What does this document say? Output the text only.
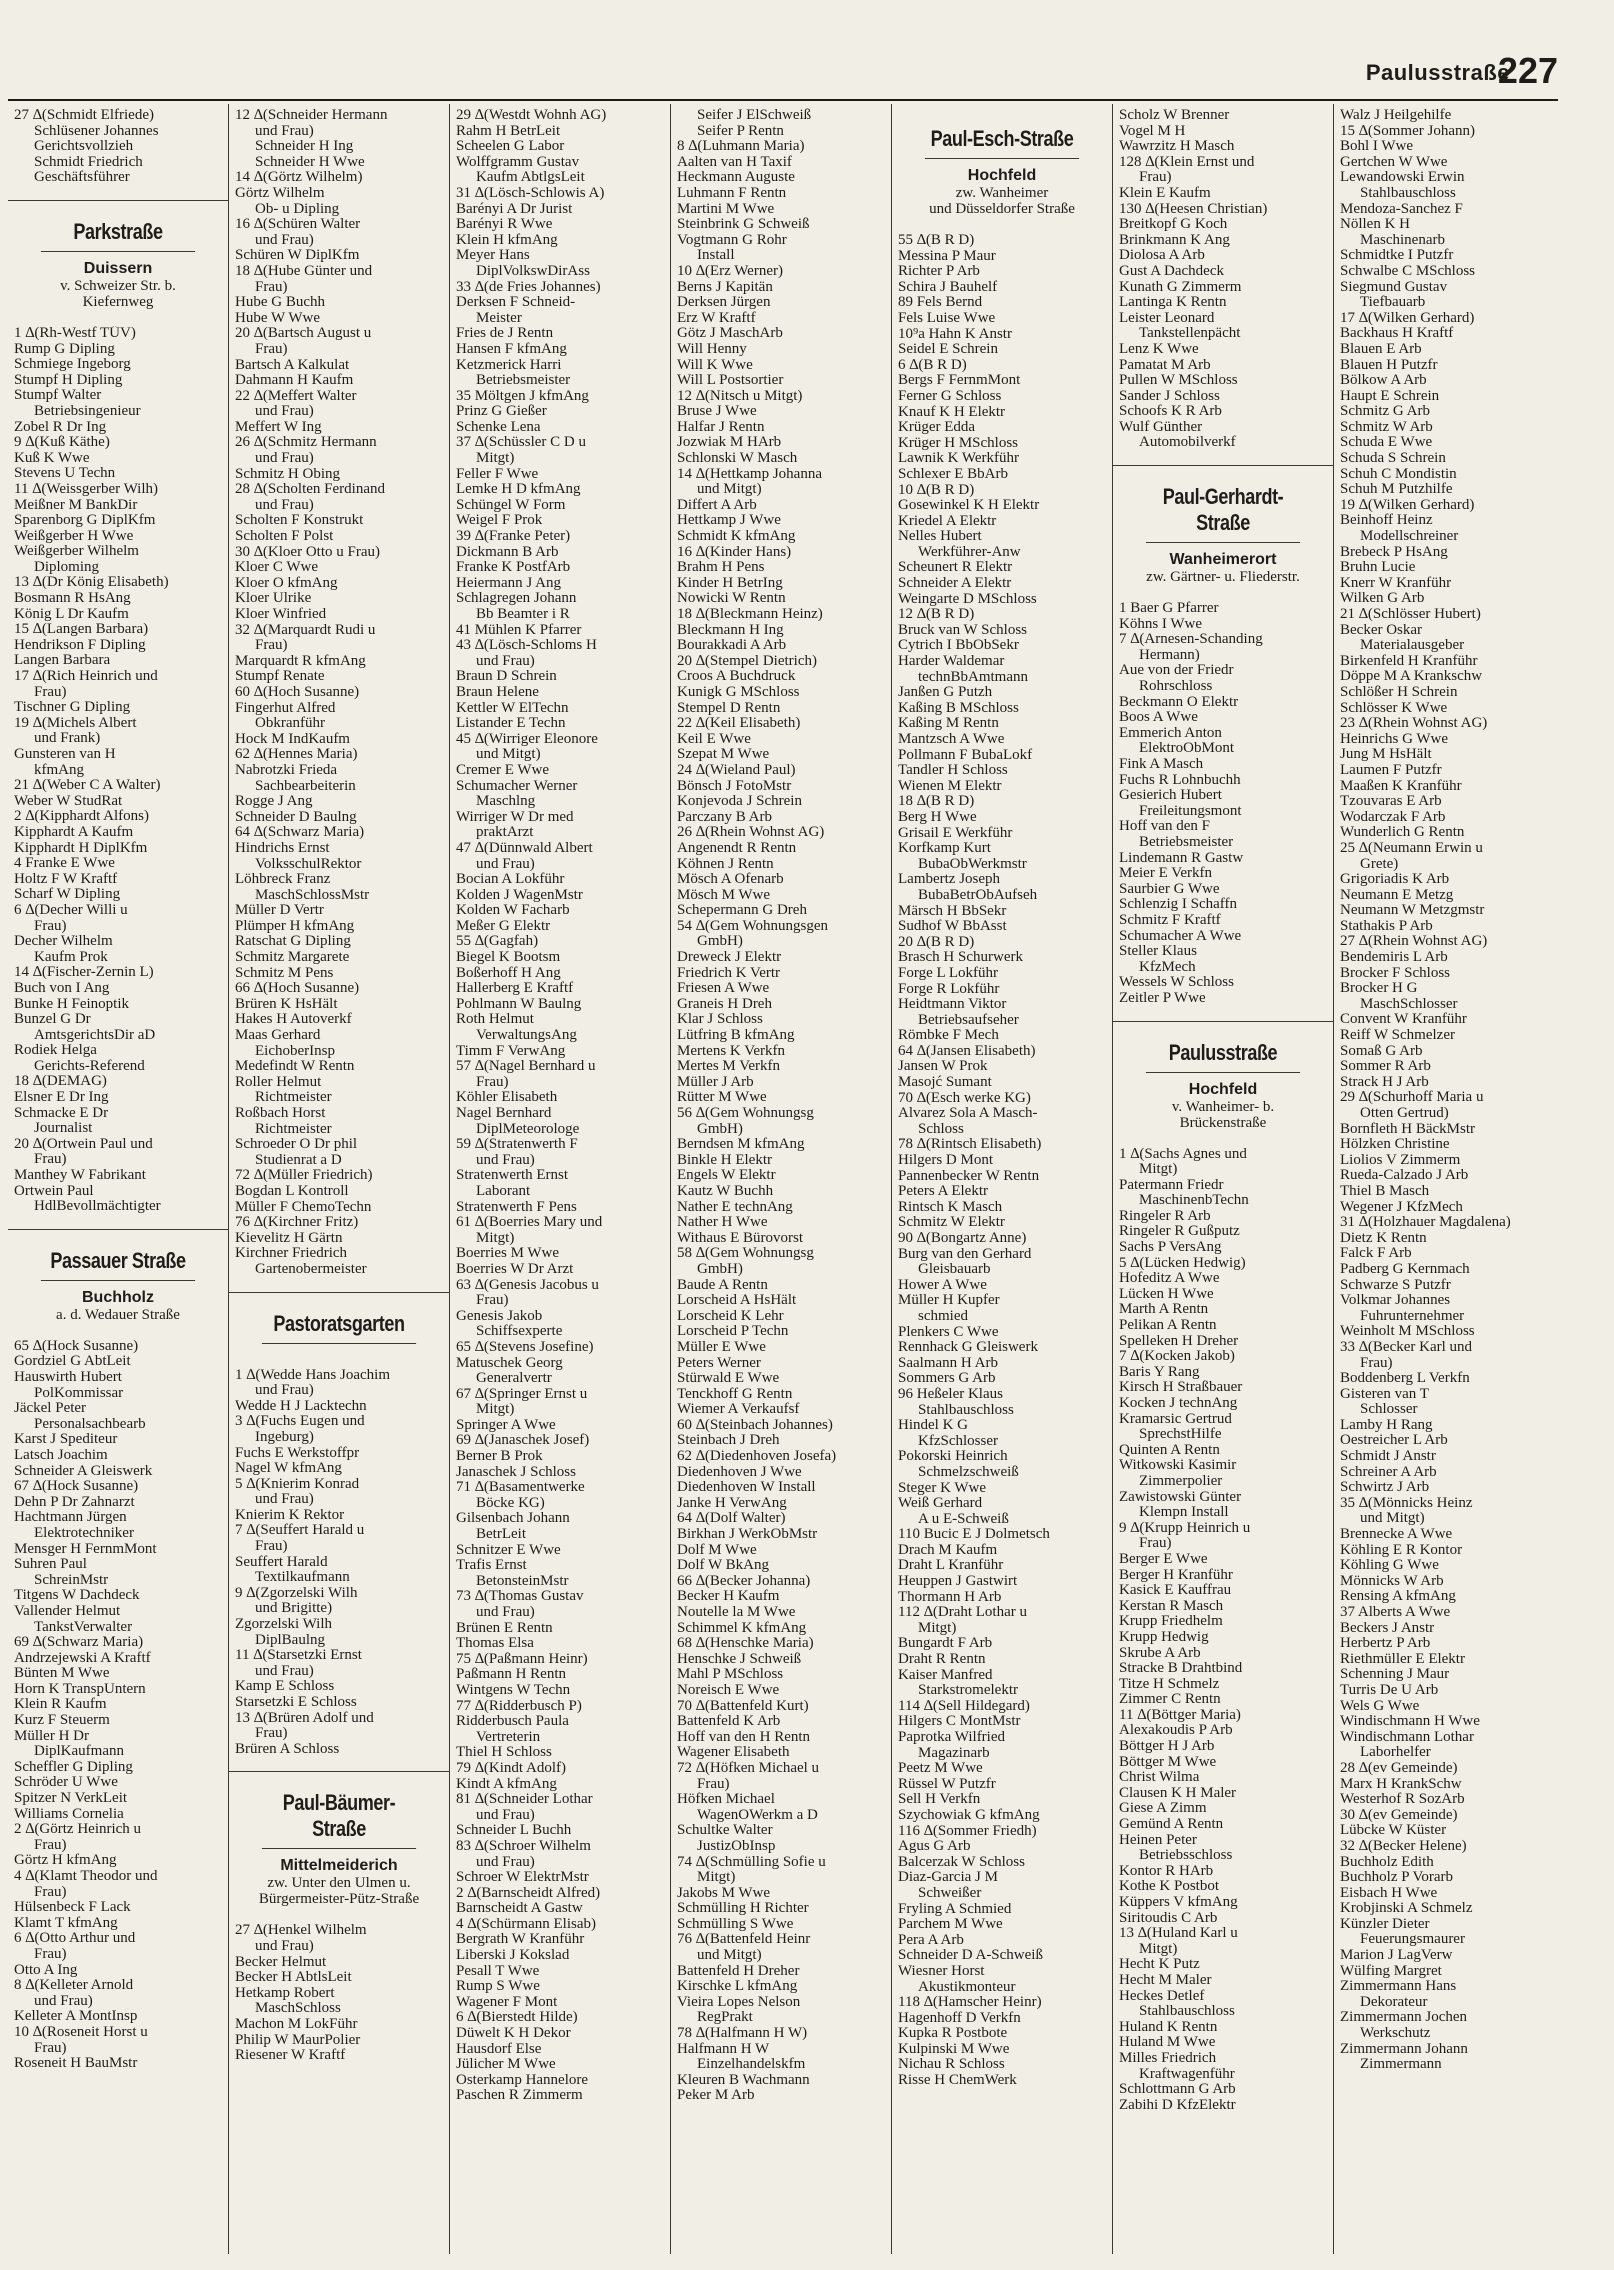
Paulusstraße
227
27 ∆(Schmidt Elfriede)
Schlüsener Johannes
Gerichtsvollzieh
Schmidt Friedrich
Geschäftsführer
Parkstraße
Duissern
v. Schweizer Str. b.
Kiefernweg
1 ∆(Rh-Westf TÜV)
Rump G Dipling
Schmiege Ingeborg
Stumpf H Dipling
Stumpf Walter
Betriebsingenieur
Zobel R Dr Ing
9 ∆(Kuß Käthe)
Kuß K Wwe
Stevens U Techn
11 ∆(Weissgerber Wilh)
Meißner M BankDir
Sparenborg G DiplKfm
Weißgerber H Wwe
Weißgerber Wilhelm
Diploming
13 ∆(Dr König Elisabeth)
Bosmann R HsAng
König L Dr Kaufm
15 ∆(Langen Barbara)
Hendrikson F Dipling
Langen Barbara
17 ∆(Rich Heinrich und
Frau)
Tischner G Dipling
19 ∆(Michels Albert
und Frank)
Gunsteren van H
kfmAng
21 ∆(Weber C A Walter)
Weber W StudRat
2 ∆(Kipphardt Alfons)
Kipphardt A Kaufm
Kipphardt H DiplKfm
4 Franke E Wwe
Holtz F W Kraftf
Scharf W Dipling
6 ∆(Decher Willi u
Frau)
Decher Wilhelm
Kaufm Prok
14 ∆(Fischer-Zernin L)
Buch von I Ang
Bunke H Feinoptik
Bunzel G Dr
AmtsgerichtsDir aD
Rodiek Helga
Gerichts-Referend
18 ∆(DEMAG)
Elsner E Dr Ing
Schmacke E Dr
Journalist
20 ∆(Ortwein Paul und
Frau)
Manthey W Fabrikant
Ortwein Paul
HdlBevollmächtigter
Passauer Straße
Buchholz
a. d. Wedauer Straße
65 ∆(Hock Susanne)
Gordziel G AbtLeit
Hauswirth Hubert
PolKommissar
Jäckel Peter
Personalsachbearb
Karst J Spediteur
Latsch Joachim
Schneider A Gleiswerk
67 ∆(Hock Susanne)
Dehn P Dr Zahnarzt
Hachtmann Jürgen
Elektrotechniker
Mensger H FernmMont
Suhren Paul
SchreinMstr
Titgens W Dachdeck
Vallender Helmut
TankstVerwalter
69 ∆(Schwarz Maria)
Andrzejewski A Kraftf
Bünten M Wwe
Horn K TranspUntern
Klein R Kaufm
Kurz F Steuerm
Müller H Dr
DiplKaufmann
Scheffler G Dipling
Schröder U Wwe
Spitzer N VerkLeit
Williams Cornelia
2 ∆(Görtz Heinrich u
Frau)
Görtz H kfmAng
4 ∆(Klamt Theodor und
Frau)
Hülsenbeck F Lack
Klamt T kfmAng
6 ∆(Otto Arthur und
Frau)
Otto A Ing
8 ∆(Kelleter Arnold
und Frau)
Kelleter A MontInsp
10 ∆(Roseneit Horst u
Frau)
Roseneit H BauMstr
12 ∆(Schneider Hermann
und Frau)
Schneider H Ing
Schneider H Wwe
14 ∆(Görtz Wilhelm)
Görtz Wilhelm
Ob- u Dipling
16 ∆(Schüren Walter
und Frau)
Schüren W DiplKfm
18 ∆(Hube Günter und
Frau)
Hube G Buchh
Hube W Wwe
20 ∆(Bartsch August u
Frau)
Bartsch A Kalkulat
Dahmann H Kaufm
22 ∆(Meffert Walter
und Frau)
Meffert W Ing
26 ∆(Schmitz Hermann
und Frau)
Schmitz H Obing
28 ∆(Scholten Ferdinand
und Frau)
Scholten F Konstrukt
Scholten F Polst
30 ∆(Kloer Otto u Frau)
Kloer C Wwe
Kloer O kfmAng
Kloer Ulrike
Kloer Winfried
32 ∆(Marquardt Rudi u
Frau)
Marquardt R kfmAng
Stumpf Renate
60 ∆(Hoch Susanne)
Fingerhut Alfred
Obkranführ
Hock M IndKaufm
62 ∆(Hennes Maria)
Nabrotzki Frieda
Sachbearbeiterin
Rogge J Ang
Schneider D Baulng
64 ∆(Schwarz Maria)
Hindrichs Ernst
VolksschulRektor
Löhbreck Franz
MaschSchlossMstr
Müller D Vertr
Plümper H kfmAng
Ratschat G Dipling
Schmitz Margarete
Schmitz M Pens
66 ∆(Hoch Susanne)
Brüren K HsHält
Hakes H Autoverkf
Maas Gerhard
EichoberInsp
Medefindt W Rentn
Roller Helmut
Richtmeister
Roßbach Horst
Richtmeister
Schroeder O Dr phil
Studienrat a D
72 ∆(Müller Friedrich)
Bogdan L Kontroll
Müller F ChemoTechn
76 ∆(Kirchner Fritz)
Kievelitz H Gärtn
Kirchner Friedrich
Gartenobermeister
Pastoratsgarten
1 ∆(Wedde Hans Joachim
und Frau)
Wedde H J Lacktechn
3 ∆(Fuchs Eugen und
Ingeburg)
Fuchs E Werkstoffpr
Nagel W kfmAng
5 ∆(Knierim Konrad
und Frau)
Knierim K Rektor
7 ∆(Seuffert Harald u
Frau)
Seuffert Harald
Textilkaufmann
9 ∆(Zgorzelski Wilh
und Brigitte)
Zgorzelski Wilh
DiplBaulng
11 ∆(Starsetzki Ernst
und Frau)
Kamp E Schloss
Starsetzki E Schloss
13 ∆(Brüren Adolf und
Frau)
Brüren A Schloss
Paul-Bäumer-Straße
Mittelmeiderich
zw. Unter den Ulmen u.
Bürgermeister-Pütz-Straße
27 ∆(Henkel Wilhelm
und Frau)
Becker Helmut
Becker H AbtlsLeit
Hetkamp Robert
MaschSchloss
Machon M LokFühr
Philip W MaurPolier
Riesener W Kraftf
29 ∆(Westdt Wohnh AG)
Rahm H BetrLeit
Scheelen G Labor
Wolffgramm Gustav
Kaufm AbtlgsLeit
31 ∆(Lösch-Schlowis A)
Barényi A Dr Jurist
Barényi R Wwe
Klein H kfmAng
Meyer Hans
DiplVolkswDirAss
33 ∆(de Fries Johannes)
Derksen F Schneid-
Meister
Fries de J Rentn
Hansen F kfmAng
Ketzmerick Harri
Betriebsmeister
35 Möltgen J kfmAng
Prinz G Gießer
Schenke Lena
37 ∆(Schüssler C D u
Mitgt)
Feller F Wwe
Lemke H D kfmAng
Schüngel W Form
Weigel F Prok
39 ∆(Franke Peter)
Dickmann B Arb
Franke K PostfArb
Heiermann J Ang
Schlagregen Johann
Bb Beamter i R
41 Mühlen K Pfarrer
43 ∆(Lösch-Schloms H
und Frau)
Braun D Schrein
Braun Helene
Kettler W ElTechn
Listander E Techn
45 ∆(Wirriger Eleonore
und Mitgt)
Cremer E Wwe
Schumacher Werner
Maschlng
Wirriger W Dr med
praktArzt
47 ∆(Dünnwald Albert
und Frau)
Bocian A Lokführ
Kolden J WagenMstr
Kolden W Facharb
Meßer G Elektr
55 ∆(Gagfah)
Biegel K Bootsm
Boßerhoff H Ang
Hallerberg E Kraftf
Pohlmann W Baulng
Roth Helmut
VerwaltungsAng
Timm F VerwAng
57 ∆(Nagel Bernhard u
Frau)
Köhler Elisabeth
Nagel Bernhard
DiplMeteorologe
59 ∆(Stratenwerth F
und Frau)
Stratenwerth Ernst
Laborant
Stratenwerth F Pens
61 ∆(Boerries Mary und
Mitgt)
Boerries M Wwe
Boerries W Dr Arzt
63 ∆(Genesis Jacobus u
Frau)
Genesis Jakob
Schiffsexperte
65 ∆(Stevens Josefine)
Matuschek Georg
Generalvertr
67 ∆(Springer Ernst u
Mitgt)
Springer A Wwe
69 ∆(Janaschek Josef)
Berner B Prok
Janaschek J Schloss
71 ∆(Basamentwerke
Böcke KG)
Gilsenbach Johann
BetrLeit
Schnitzer E Wwe
Trafis Ernst
BetonsteinMstr
73 ∆(Thomas Gustav
und Frau)
Brünen E Rentn
Thomas Elsa
75 ∆(Paßmann Heinr)
Paßmann H Rentn
Wintgens W Techn
77 ∆(Ridderbusch P)
Ridderbusch Paula
Vertreterin
Thiel H Schloss
79 ∆(Kindt Adolf)
Kindt A kfmAng
81 ∆(Schneider Lothar
und Frau)
Schneider L Buchh
83 ∆(Schroer Wilhelm
und Frau)
Schroer W ElektrMstr
2 ∆(Barnscheidt Alfred)
Barnscheidt A Gastw
4 ∆(Schürmann Elisab)
Bergrath W Kranführ
Liberski J Kokslad
Pesall T Wwe
Rump S Wwe
Wagener F Mont
6 ∆(Bierstedt Hilde)
Düwelt K H Dekor
Hausdorf Else
Jülicher M Wwe
Osterkamp Hannelore
Paschen R Zimmerm
Seifer J ElSchweiß
Seifer P Rentn
8 ∆(Luhmann Maria)
Aalten van H Taxif
Heckmann Auguste
Luhmann F Rentn
Martini M Wwe
Steinbrink G Schweiß
Vogtmann G Rohr
Install
10 ∆(Erz Werner)
Berns J Kapitän
Derksen Jürgen
Erz W Kraftf
Götz J MaschArb
Will Henny
Will K Wwe
Will L Postsortier
12 ∆(Nitsch u Mitgt)
Bruse J Wwe
Halfar J Rentn
Jozwiak M HArb
Schlonski W Masch
14 ∆(Hettkamp Johanna
und Mitgt)
Differt A Arb
Hettkamp J Wwe
Schmidt K kfmAng
16 ∆(Kinder Hans)
Brahm H Pens
Kinder H BetrIng
Nowicki W Rentn
18 ∆(Bleckmann Heinz)
Bleckmann H Ing
Bourakkadi A Arb
20 ∆(Stempel Dietrich)
Croos A Buchdruck
Kunigk G MSchloss
Stempel D Rentn
22 ∆(Keil Elisabeth)
Keil E Wwe
Szepat M Wwe
24 ∆(Wieland Paul)
Bönsch J FotoMstr
Konjevoda J Schrein
Parczany B Arb
26 ∆(Rhein Wohnst AG)
Angenendt R Rentn
Köhnen J Rentn
Mösch A Ofenarb
Mösch M Wwe
Schepermann G Dreh
54 ∆(Gem Wohnungsgen
GmbH)
Dreweck J Elektr
Friedrich K Vertr
Friesen A Wwe
Graneis H Dreh
Klar J Schloss
Lütfring B kfmAng
Mertens K Verkfn
Mertes M Verkfn
Müller J Arb
Rütter M Wwe
56 ∆(Gem Wohnungsg
GmbH)
Berndsen M kfmAng
Binkle H Elektr
Engels W Elektr
Kautz W Buchh
Nather E technAng
Nather H Wwe
Withaus E Bürovorst
58 ∆(Gem Wohnungsg
GmbH)
Baude A Rentn
Lorscheid A HsHält
Lorscheid K Lehr
Lorscheid P Techn
Müller E Wwe
Peters Werner
Stürwald E Wwe
Tenckhoff G Rentn
Wiemer A Verkaufsf
60 ∆(Steinbach Johannes)
Steinbach J Dreh
62 ∆(Diedenhoven Josefa)
Diedenhoven J Wwe
Diedenhoven W Install
Janke H VerwAng
64 ∆(Dolf Walter)
Birkhan J WerkObMstr
Dolf M Wwe
Dolf W BkAng
66 ∆(Becker Johanna)
Becker H Kaufm
Noutelle la M Wwe
Schimmel K kfmAng
68 ∆(Henschke Maria)
Henschke J Schweiß
Mahl P MSchloss
Noreisch E Wwe
70 ∆(Battenfeld Kurt)
Battenfeld K Arb
Hoff van den H Rentn
Wagener Elisabeth
72 ∆(Höfken Michael u
Frau)
Höfken Michael
WagenOWerkm a D
Schultke Walter
JustizObInsp
74 ∆(Schmülling Sofie u
Mitgt)
Jakobs M Wwe
Schmülling H Richter
Schmülling S Wwe
76 ∆(Battenfeld Heinr
und Mitgt)
Battenfeld H Dreher
Kirschke L kfmAng
Vieira Lopes Nelson
RegPrakt
78 ∆(Halfmann H W)
Halfmann H W
Einzelhandelskfm
Kleuren B Wachmann
Peker M Arb
Paul-Esch-Straße
Hochfeld
zw. Wanheimer
und Düsseldorfer Straße
55 ∆(B R D)
Messina P Maur
Richter P Arb
Schira J Bauhelf
89 Fels Bernd
Fels Luise Wwe
10⁹a Hahn K Anstr
Seidel E Schrein
6 ∆(B R D)
Bergs F FernmMont
Ferner G Schloss
Knauf K H Elektr
Krüger Edda
Krüger H MSchloss
Lawnik K Werkführ
Schlexer E BbArb
10 ∆(B R D)
Gosewinkel K H Elektr
Kriedel A Elektr
Nelles Hubert
Werkführer-Anw
Scheunert R Elektr
Schneider A Elektr
Weingarte D MSchloss
12 ∆(B R D)
Bruck van W Schloss
Cytrich I BbObSekr
Harder Waldemar
technBbAmtmann
Janßen G Putzh
Kaßing B MSchloss
Kaßing M Rentn
Mantzsch A Wwe
Pollmann F BubaLokf
Tandler H Schloss
Wienen M Elektr
18 ∆(B R D)
Berg H Wwe
Grisail E Werkführ
Korfkamp Kurt
BubaObWerkmstr
Lambertz Joseph
BubaBetrObAufseh
Märsch H BbSekr
Sudhof W BbAsst
20 ∆(B R D)
Brasch H Schurwerk
Forge L Lokführ
Forge R Lokführ
Heidtmann Viktor
Betriebsaufseher
Römbke F Mech
64 ∆(Jansen Elisabeth)
Jansen W Prok
Masojć Sumant
70 ∆(Esch werke KG)
Alvarez Sola A Masch-
Schloss
78 ∆(Rintsch Elisabeth)
Hilgers D Mont
Pannenbecker W Rentn
Peters A Elektr
Rintsch K Masch
Schmitz W Elektr
90 ∆(Bongartz Anne)
Burg van den Gerhard
Gleisbauarb
Hower A Wwe
Müller H Kupfer
schmied
Plenkers C Wwe
Rennhack G Gleiswerk
Saalmann H Arb
Sommers G Arb
96 Heßeler Klaus
Stahlbauschloss
Hindel K G
KfzSchlosser
Pokorski Heinrich
Schmelzschweiß
Steger K Wwe
Weiß Gerhard
A u E-Schweiß
110 Bucic E J Dolmetsch
Drach M Kaufm
Draht L Kranführ
Heuppen J Gastwirt
Thormann H Arb
112 ∆(Draht Lothar u
Mitgt)
Bungardt F Arb
Draht R Rentn
Kaiser Manfred
Starkstromelektr
114 ∆(Sell Hildegard)
Hilgers C MontMstr
Paprotka Wilfried
Magazinarb
Peetz M Wwe
Rüssel W Putzfr
Sell H Verkfn
Szychowiak G kfmAng
116 ∆(Sommer Friedh)
Agus G Arb
Balcerzak W Schloss
Diaz-Garcia J M
Schweißer
Fryling A Schmied
Parchem M Wwe
Pera A Arb
Schneider D A-Schweiß
Wiesner Horst
Akustikmonteur
118 ∆(Hamscher Heinr)
Hagenhoff D Verkfn
Kupka R Postbote
Kulpinski M Wwe
Nichau R Schloss
Risse H ChemWerk
Scholz W Brenner
Vogel M H
Wawrzitz H Masch
128 ∆(Klein Ernst und
Frau)
Klein E Kaufm
130 ∆(Heesen Christian)
Breitkopf G Koch
Brinkmann K Ang
Diolosa A Arb
Gust A Dachdeck
Kunath G Zimmerm
Lantinga K Rentn
Leister Leonard
Tankstellenpächt
Lenz K Wwe
Pamatat M Arb
Pullen W MSchloss
Sander J Schloss
Schoofs K R Arb
Wulf Günther
Automobilverkf
Paul-Gerhardt-Straße
Wanheimerort
zw. Gärtner- u. Fliederstr.
1 Baer G Pfarrer
Köhns I Wwe
7 ∆(Arnesen-Schanding
Hermann)
Aue von der Friedr
Rohrschloss
Beckmann O Elektr
Boos A Wwe
Emmerich Anton
ElektroObMont
Fink A Masch
Fuchs R Lohnbuchh
Gesierich Hubert
Freileitungsmont
Hoff van den F
Betriebsmeister
Lindemann R Gastw
Meier E Verkfn
Saurbier G Wwe
Schlenzig I Schaffn
Schmitz F Kraftf
Schumacher A Wwe
Steller Klaus
KfzMech
Wessels W Schloss
Zeitler P Wwe
Paulusstraße
Hochfeld
v. Wanheimer- b.
Brückenstraße
1 ∆(Sachs Agnes und
Mitgt)
Patermann Friedr
MaschinenbTechn
Ringeler R Arb
Ringeler R Gußputz
Sachs P VersAng
5 ∆(Lücken Hedwig)
Hofeditz A Wwe
Lücken H Wwe
Marth A Rentn
Pelikan A Rentn
Spelleken H Dreher
7 ∆(Kocken Jakob)
Baris Y Rang
Kirsch H Straßbauer
Kocken J technAng
Kramarsic Gertrud
SprechstHilfe
Quinten A Rentn
Witkowski Kasimir
Zimmerpolier
Zawistowski Günter
Klempn Install
9 ∆(Krupp Heinrich u
Frau)
Berger E Wwe
Berger H Kranführ
Kasick E Kauffrau
Kerstan R Masch
Krupp Friedhelm
Krupp Hedwig
Skrube A Arb
Stracke B Drahtbind
Titze H Schmelz
Zimmer C Rentn
11 ∆(Böttger Maria)
Alexakoudis P Arb
Böttger H J Arb
Böttger M Wwe
Christ Wilma
Clausen K H Maler
Giese A Zimm
Gemünd A Rentn
Heinen Peter
Betriebsschloss
Kontor R HArb
Kothe K Postbot
Küppers V kfmAng
Siritoudis C Arb
13 ∆(Huland Karl u
Mitgt)
Hecht K Putz
Hecht M Maler
Heckes Detlef
Stahlbauschloss
Huland K Rentn
Huland M Wwe
Milles Friedrich
Kraftwagenführ
Schlottmann G Arb
Zabihi D KfzElektr
Walz J Heilgehilfe
15 ∆(Sommer Johann)
Bohl I Wwe
Gertchen W Wwe
Lewandowski Erwin
Stahlbauschloss
Mendoza-Sanchez F
Nöllen K H
Maschinenarb
Schmidtke I Putzfr
Schwalbe C MSchloss
Siegmund Gustav
Tiefbauarb
17 ∆(Wilken Gerhard)
Backhaus H Kraftf
Blauen E Arb
Blauen H Putzfr
Bölkow A Arb
Haupt E Schrein
Schmitz G Arb
Schmitz W Arb
Schuda E Wwe
Schuda S Schrein
Schuh C Mondistin
Schuh M Putzhilfe
19 ∆(Wilken Gerhard)
Beinhoff Heinz
Modellschreiner
Brebeck P HsAng
Bruhn Lucie
Knerr W Kranführ
Wilken G Arb
21 ∆(Schlösser Hubert)
Becker Oskar
Materialausgeber
Birkenfeld H Kranführ
Döppe M A Krankschw
Schlößer H Schrein
Schlösser K Wwe
23 ∆(Rhein Wohnst AG)
Heinrichs G Wwe
Jung M HsHält
Laumen F Putzfr
Maaßen K Kranführ
Tzouvaras E Arb
Wodarczak F Arb
Wunderlich G Rentn
25 ∆(Neumann Erwin u
Grete)
Grigoriadis K Arb
Neumann E Metzg
Neumann W Metzgmstr
Stathakis P Arb
27 ∆(Rhein Wohnst AG)
Bendemiris L Arb
Brocker F Schloss
Brocker H G
MaschSchlosser
Convent W Kranführ
Reiff W Schmelzer
Somaß G Arb
Sommer R Arb
Strack H J Arb
29 ∆(Schurhoff Maria u
Otten Gertrud)
Bornfleth H BäckMstr
Hölzken Christine
Liolios V Zimmerm
Rueda-Calzado J Arb
Thiel B Masch
Wegener J KfzMech
31 ∆(Holzhauer Magdalena)
Dietz K Rentn
Falck F Arb
Padberg G Kernmach
Schwarze S Putzfr
Volkmar Johannes
Fuhrunternehmer
Weinholt M MSchloss
33 ∆(Becker Karl und
Frau)
Boddenberg L Verkfn
Gisteren van T
Schlosser
Lamby H Rang
Oestreicher L Arb
Schmidt J Anstr
Schreiner A Arb
Schwirtz J Arb
35 ∆(Mönnicks Heinz
und Mitgt)
Brennecke A Wwe
Köhling E R Kontor
Köhling G Wwe
Mönnicks W Arb
Rensing A kfmAng
37 Alberts A Wwe
Beckers J Anstr
Herbertz P Arb
Riethmüller E Elektr
Schenning J Maur
Turris De U Arb
Wels G Wwe
Windischmann H Wwe
Windischmann Lothar
Laborhelfer
28 ∆(ev Gemeinde)
Marx H KrankSchw
Westerhof R SozArb
30 ∆(ev Gemeinde)
Lübcke W Küster
32 ∆(Becker Helene)
Buchholz Edith
Buchholz P Vorarb
Eisbach H Wwe
Krobjinski A Schmelz
Künzler Dieter
Feuerungsmaurer
Marion J LagVerw
Wülfing Margret
Zimmermann Hans
Dekorateur
Zimmermann Jochen
Werkschutz
Zimmermann Johann
Zimmermann
